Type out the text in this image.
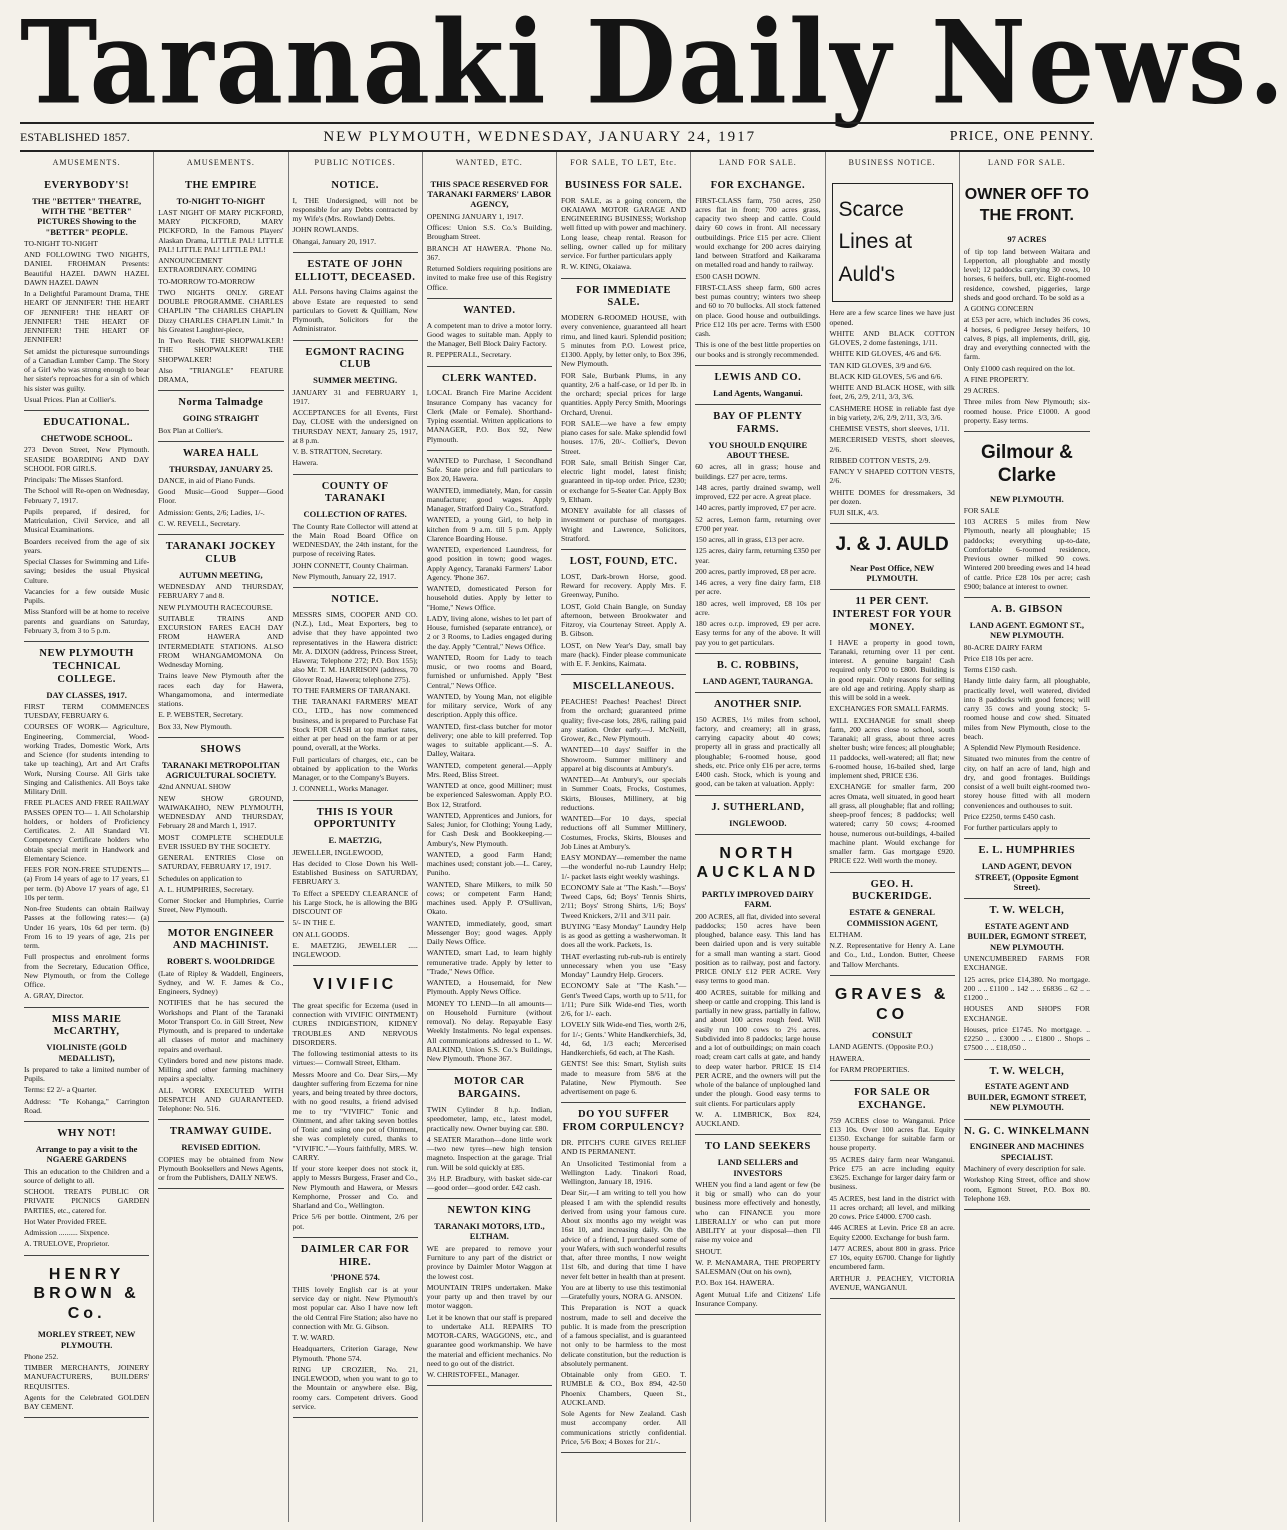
Taranaki Daily News.
ESTABLISHED 1857.	NEW PLYMOUTH, WEDNESDAY, JANUARY 24, 1917	PRICE, ONE PENNY.
AMUSEMENTS.
EVERYBODY'S!
THE "BETTER" THEATRE, WITH THE "BETTER" PICTURES Showing to the "BETTER" PEOPLE.

TO-NIGHT TO-NIGHT

AND FOLLOWING TWO NIGHTS, DANIEL FROHMAN Presents: Beautiful HAZEL DAWN HAZEL DAWN HAZEL DAWN

In a Delightful Paramount Drama, THE HEART OF JENNIFER! THE HEART OF JENNIFER! THE HEART OF JENNIFER! THE HEART OF JENNIFER! THE HEART OF JENNIFER!

Set amidst the picturesque surroundings of a Canadian Lumber Camp. The Story of a Girl who was strong enough to bear her sister's reproaches for a sin of which his sister was guilty.

Usual Prices. Plan at Collier's.

EDUCATIONAL.
CHETWODE SCHOOL.

273 Devon Street, New Plymouth. SEASIDE BOARDING AND DAY SCHOOL FOR GIRLS.

Principals: The Misses Stanford.

The School will Re-open on Wednesday, February 7, 1917.

Pupils prepared, if desired, for Matriculation, Civil Service, and all Musical Examinations.

Boarders received from the age of six years.

Special Classes for Swimming and Life-saving; besides the usual Physical Culture.

Vacancies for a few outside Music Pupils.

Miss Stanford will be at home to receive parents and guardians on Saturday, February 3, from 3 to 5 p.m.

NEW PLYMOUTH TECHNICAL COLLEGE.
DAY CLASSES, 1917.

FIRST TERM COMMENCES TUESDAY, FEBRUARY 6.

COURSES OF WORK— Agriculture, Engineering, Commercial, Wood-working Trades, Domestic Work, Arts and Science (for students intending to take up teaching), Art and Art Crafts Work, Nursing Course. All Girls take Singing and Calisthenics. All Boys take Military Drill.

FREE PLACES AND FREE RAILWAY PASSES OPEN TO— 1. All Scholarship holders, or holders of Proficiency Certificates. 2. All Standard VI. Competency Certificate holders who obtain special merit in Handwork and Elementary Science.

FEES FOR NON-FREE STUDENTS— (a) From 14 years of age to 17 years, £1 per term. (b) Above 17 years of age, £1 10s per term.

Non-free Students can obtain Railway Passes at the following rates:— (a) Under 16 years, 10s 6d per term. (b) From 16 to 19 years of age, 21s per term.

Full prospectus and enrolment forms from the Secretary, Education Office, New Plymouth, or from the College Office.

A. GRAY, Director.

MISS MARIE McCARTHY,
VIOLINISTE (GOLD MEDALLIST),

Is prepared to take a limited number of Pupils.

Terms: £2 2/- a Quarter.

Address: "Te Kohanga," Carrington Road.

WHY NOT!
Arrange to pay a visit to the NGAERE GARDENS

This an education to the Children and a source of delight to all.

SCHOOL TREATS PUBLIC OR PRIVATE PICNICS GARDEN PARTIES, etc., catered for.

Hot Water Provided FREE.

Admission .......... Sixpence.

A. TRUELOVE, Proprietor.

HENRY BROWN & Co.
MORLEY STREET, NEW PLYMOUTH.

Phone 252.

TIMBER MERCHANTS, JOINERY MANUFACTURERS, BUILDERS' REQUISITES.

Agents for the Celebrated GOLDEN BAY CEMENT.

AMUSEMENTS.
THE EMPIRE
TO-NIGHT TO-NIGHT

LAST NIGHT OF MARY PICKFORD, MARY PICKFORD, MARY PICKFORD, In the Famous Players' Alaskan Drama, LITTLE PAL! LITTLE PAL! LITTLE PAL! LITTLE PAL!

ANNOUNCEMENT EXTRAORDINARY. COMING

TO-MORROW TO-MORROW

TWO NIGHTS ONLY. GREAT DOUBLE PROGRAMME. CHARLES CHAPLIN "The CHARLES CHAPLIN Dizzy CHARLES CHAPLIN Limit." In his Greatest Laughter-piece,

In Two Reels. THE SHOPWALKER! THE SHOPWALKER! THE SHOPWALKER!

Also "TRIANGLE" FEATURE DRAMA,

Norma Talmadge
GOING STRAIGHT

Box Plan at Collier's.

WAREA HALL
THURSDAY, JANUARY 25.

DANCE, in aid of Piano Funds.

Good Music—Good Supper—Good Floor.

Admission: Gents, 2/6; Ladies, 1/-.

C. W. REVELL, Secretary.

TARANAKI JOCKEY CLUB
AUTUMN MEETING,

WEDNESDAY AND THURSDAY, FEBRUARY 7 and 8.

NEW PLYMOUTH RACECOURSE.

SUITABLE TRAINS AND EXCURSION FARES EACH DAY FROM HAWERA AND INTERMEDIATE STATIONS. ALSO FROM WHANGAMOMONA On Wednesday Morning.

Trains leave New Plymouth after the races each day for Hawera, Whangamomona, and intermediate stations.

E. P. WEBSTER, Secretary.

Box 33, New Plymouth.

SHOWS
TARANAKI METROPOLITAN AGRICULTURAL SOCIETY.

42nd ANNUAL SHOW

NEW SHOW GROUND, WAIWAKAIHO, NEW PLYMOUTH, WEDNESDAY AND THURSDAY, February 28 and March 1, 1917.

MOST COMPLETE SCHEDULE EVER ISSUED BY THE SOCIETY.

GENERAL ENTRIES Close on SATURDAY, FEBRUARY 17, 1917.

Schedules on application to

A. L. HUMPHRIES, Secretary.

Corner Stocker and Humphries, Currie Street, New Plymouth.

MOTOR ENGINEER AND MACHINIST.
ROBERT S. WOOLDRIDGE

(Late of Ripley & Waddell, Engineers, Sydney, and W. F. James & Co., Engineers, Sydney)

NOTIFIES that he has secured the Workshops and Plant of the Taranaki Motor Transport Co. in Gill Street, New Plymouth, and is prepared to undertake all classes of motor and machinery repairs and overhaul.

Cylinders bored and new pistons made. Milling and other farming machinery repairs a specialty.

ALL WORK EXECUTED WITH DESPATCH AND GUARANTEED. Telephone: No. 516.

TRAMWAY GUIDE.
REVISED EDITION.

COPIES may be obtained from New Plymouth Booksellers and News Agents, or from the Publishers, DAILY NEWS.

PUBLIC NOTICES.
NOTICE.

I, THE Undersigned, will not be responsible for any Debts contracted by my Wife's (Mrs. Rowland) Debts.

JOHN ROWLANDS.

Ohangai, January 20, 1917.

ESTATE OF JOHN ELLIOTT, DECEASED.

ALL Persons having Claims against the above Estate are requested to send particulars to Govett & Quilliam, New Plymouth, Solicitors for the Administrator.

EGMONT RACING CLUB
SUMMER MEETING.

JANUARY 31 and FEBRUARY 1, 1917.

ACCEPTANCES for all Events, First Day, CLOSE with the undersigned on THURSDAY NEXT, January 25, 1917, at 8 p.m.

V. B. STRATTON, Secretary.

Hawera.

COUNTY OF TARANAKI
COLLECTION OF RATES.

The County Rate Collector will attend at the Main Road Board Office on WEDNESDAY, the 24th instant, for the purpose of receiving Rates.

JOHN CONNETT, County Chairman.

New Plymouth, January 22, 1917.

NOTICE.

MESSRS SIMS, COOPER AND CO. (N.Z.), Ltd., Meat Exporters, beg to advise that they have appointed two representatives in the Hawera district: Mr. A. DIXON (address, Princess Street, Hawera; Telephone 272; P.O. Box 155); also Mr. T. M. HARRISON (address, 70 Glover Road, Hawera; telephone 275).

TO THE FARMERS OF TARANAKI.

THE TARANAKI FARMERS' MEAT CO., LTD., has now commenced business, and is prepared to Purchase Fat Stock FOR CASH at top market rates, either at per head on the farm or at per pound, overall, at the Works.

Full particulars of charges, etc., can be obtained by application to the Works Manager, or to the Company's Buyers.

J. CONNELL, Works Manager.

THIS IS YOUR OPPORTUNITY
E. MAETZIG,

JEWELLER, INGLEWOOD,

Has decided to Close Down his Well-Established Business on SATURDAY, FEBRUARY 3.

To Effect a SPEEDY CLEARANCE of his Large Stock, he is allowing the BIG DISCOUNT OF

5/- IN THE £.

ON ALL GOODS.

E. MAETZIG, JEWELLER ..... INGLEWOOD.

VIVIFIC

The great specific for Eczema (used in connection with VIVIFIC OINTMENT) CURES INDIGESTION, KIDNEY TROUBLES AND NERVOUS DISORDERS.

The following testimonial attests to its virtues:— Cornwall Street, Eltham.

Messrs Moore and Co. Dear Sirs,—My daughter suffering from Eczema for nine years, and being treated by three doctors, with no good results, a friend advised me to try "VIVIFIC" Tonic and Ointment, and after taking seven bottles of Tonic and using one pot of Ointment, she was completely cured, thanks to "VIVIFIC."—Yours faithfully, MRS. W. CARRY.

If your store keeper does not stock it, apply to Messrs Burgess, Fraser and Co., New Plymouth and Hawera, or Messrs Kemphorne, Prosser and Co. and Sharland and Co., Wellington.

Price 5/6 per bottle. Ointment, 2/6 per pot.

DAIMLER CAR FOR HIRE.
'PHONE 574.

THIS lovely English car is at your service day or night. New Plymouth's most popular car. Also I have now left the old Central Fire Station; also have no connection with Mr. G. Gibson.

T. W. WARD.

Headquarters, Criterion Garage, New Plymouth. 'Phone 574.

RING UP CROZIER, No. 21, INGLEWOOD, when you want to go to the Mountain or anywhere else. Big, roomy cars. Competent drivers. Good service.

WANTED, ETC.
THIS SPACE RESERVED FOR TARANAKI FARMERS' LABOR AGENCY,

OPENING JANUARY 1, 1917.

Offices: Union S.S. Co.'s Building, Brougham Street.

BRANCH AT HAWERA. 'Phone No. 367.

Returned Soldiers requiring positions are invited to make free use of this Registry Office.

WANTED.

A competent man to drive a motor lorry. Good wages to suitable man. Apply to the Manager, Bell Block Dairy Factory.

R. PEPPERALL, Secretary.

CLERK WANTED.

LOCAL Branch Fire Marine Accident Insurance Company has vacancy for Clerk (Male or Female). Shorthand-Typing essential. Written applications to MANAGER, P.O. Box 92, New Plymouth.

WANTED to Purchase, 1 Secondhand Safe. State price and full particulars to Box 20, Hawera.

WANTED, immediately, Man, for cassin manufacture; good wages. Apply Manager, Stratford Dairy Co., Stratford.

WANTED, a young Girl, to help in kitchen from 9 a.m. till 5 p.m. Apply Clarence Boarding House.

WANTED, experienced Laundress, for good position in town; good wages. Apply Agency, Taranaki Farmers' Labor Agency. 'Phone 367.

WANTED, domesticated Person for household duties. Apply by letter to "Home," News Office.

LADY, living alone, wishes to let part of House, furnished (separate entrance), or 2 or 3 Rooms, to Ladies engaged during the day. Apply "Central," News Office.

WANTED, Room for Lady to teach music, or two rooms and Board, furnished or unfurnished. Apply "Best Central," News Office.

WANTED, by Young Man, not eligible for military service, Work of any description. Apply this office.

WANTED, first-class butcher for motor delivery; one able to kill preferred. Top wages to suitable applicant.—S. A. Dalley, Waitara.

WANTED, competent general.—Apply Mrs. Reed, Bliss Street.

WANTED at once, good Milliner; must be experienced Saleswoman. Apply P.O. Box 12, Stratford.

WANTED, Apprentices and Juniors, for Sales; Junior, for Clothing; Young Lady, for Cash Desk and Bookkeeping.—Ambury's, New Plymouth.

WANTED, a good Farm Hand; machines used; constant job.—L. Carey, Puniho.

WANTED, Share Milkers, to milk 50 cows; or competent Farm Hand; machines used. Apply P. O'Sullivan, Okato.

WANTED, immediately, good, smart Messenger Boy; good wages. Apply Daily News Office.

WANTED, smart Lad, to learn highly remunerative trade. Apply by letter to "Trade," News Office.

WANTED, a Housemaid, for New Plymouth. Apply News Office.

MONEY TO LEND—In all amounts—on Household Furniture (without removal). No delay. Repayable Easy Weekly Instalments. No legal expenses. All communications addressed to L. W. BALKIND, Union S.S. Co.'s Buildings, New Plymouth. 'Phone 367.

MOTOR CAR BARGAINS.

TWIN Cylinder 8 h.p. Indian, speedometer, lamp, etc., latest model, practically new. Owner buying car. £80.

4 SEATER Marathon—done little work—two new tyres—new high tension magneto. Inspection at the garage. Trial run. Will be sold quickly at £85.

3½ H.P. Bradbury, with basket side-car—good order—good order. £42 cash.

NEWTON KING
TARANAKI MOTORS, LTD., ELTHAM.

WE are prepared to remove your Furniture to any part of the district or province by Daimler Motor Waggon at the lowest cost.

MOUNTAIN TRIPS undertaken. Make your party up and then travel by our motor waggon.

Let it be known that our staff is prepared to undertake ALL REPAIRS TO MOTOR-CARS, WAGGONS, etc., and guarantee good workmanship. We have the material and efficient mechanics. No need to go out of the district.

W. CHRISTOFFEL, Manager.

FOR SALE, TO LET, Etc.
BUSINESS FOR SALE.

FOR SALE, as a going concern, the OKAIAWA MOTOR GARAGE AND ENGINEERING BUSINESS; Workshop well fitted up with power and machinery. Long lease, cheap rental. Reason for selling, owner called up for military service. For further particulars apply

R. W. KING, Okaiawa.

FOR IMMEDIATE SALE.

MODERN 6-ROOMED HOUSE, with every convenience, guaranteed all heart rimu, and lined kauri. Splendid position; 5 minutes from P.O. Lowest price, £1300. Apply, by letter only, to Box 396, New Plymouth.

FOR Sale, Burbank Plums, in any quantity, 2/6 a half-case, or 1d per lb. in the orchard; special prices for large quantities. Apply Percy Smith, Moorings Orchard, Urenui.

FOR SALE—we have a few empty piano cases for sale. Make splendid fowl houses. 17/6, 20/-. Collier's, Devon Street.

FOR Sale, small British Singer Car, electric light model, latest finish; guaranteed in tip-top order. Price, £230; or exchange for 5-Seater Car. Apply Box 9, Eltham.

MONEY available for all classes of investment or purchase of mortgages. Wright and Lawrence, Solicitors, Stratford.

LOST, FOUND, ETC.

LOST, Dark-brown Horse, good. Reward for recovery. Apply Mrs. F. Greenway, Puniho.

LOST, Gold Chain Bangle, on Sunday afternoon, between Brookwater and Fitzroy, via Courtenay Street. Apply A. B. Gibson.

LOST, on New Year's Day, small bay mare (hack). Finder please communicate with E. F. Jenkins, Kaimata.

MISCELLANEOUS.

PEACHES! Peaches! Peaches! Direct from the orchard; guaranteed prime quality; five-case lots, 28/6, railing paid any station. Order early.—J. McNeill, Grower, &c., New Plymouth.

WANTED—10 days' Sniffer in the Showroom. Summer millinery and apparel at big discounts at Ambury's.

WANTED—At Ambury's, our specials in Summer Coats, Frocks, Costumes, Skirts, Blouses, Millinery, at big reductions.

WANTED—For 10 days, special reductions off all Summer Millinery, Costumes, Frocks, Skirts, Blouses and Job Lines at Ambury's.

EASY MONDAY—remember the name—the wonderful no-rub Laundry Help; 1/- packet lasts eight weekly washings.

ECONOMY Sale at "The Kash."—Boys' Tweed Caps, 6d; Boys' Tennis Shirts, 2/11; Boys' Strong Shirts, 1/6; Boys' Tweed Knickers, 2/11 and 3/11 pair.

BUYING "Easy Monday" Laundry Help is as good as getting a washerwoman. It does all the work. Packets, 1s.

THAT everlasting rub-rub-rub is entirely unnecessary when you use "Easy Monday" Laundry Help. Grocers.

ECONOMY Sale at "The Kash."—Gent's Tweed Caps, worth up to 5/11, for 1/11; Pure Silk Wide-end Ties, worth 2/6, for 1/- each.

LOVELY Silk Wide-end Ties, worth 2/6, for 1/-; Gents.' White Handkerchiefs, 3d, 4d, 6d, 1/3 each; Mercerised Handkerchiefs, 6d each, at The Kash.

GENTS! See this: Smart, Stylish suits made to measure from 58/6 at the Palatine, New Plymouth. See advertisement on page 6.

DO YOU SUFFER FROM CORPULENCY?

DR. PITCH'S CURE GIVES RELIEF AND IS PERMANENT.

An Unsolicited Testimonial from a Wellington Lady. Tinakori Road, Wellington, January 18, 1916.

Dear Sir,—I am writing to tell you how pleased I am with the splendid results derived from using your famous cure. About six months ago my weight was 16st 10, and increasing daily. On the advice of a friend, I purchased some of your Wafers, with such wonderful results that, after three months, I now weight 11st 6lb, and during that time I have never felt better in health than at present.

You are at liberty to use this testimonial—Gratefully yours, NORA G. ANSON.

This Preparation is NOT a quack nostrum, made to sell and deceive the public. It is made from the prescription of a famous specialist, and is guaranteed not only to be harmless to the most delicate constitution, but the reduction is absolutely permanent.

Obtainable only from GEO. T. RUMBLE & CO., Box 894, 42-50 Phoenix Chambers, Queen St., AUCKLAND.

Sole Agents for New Zealand. Cash must accompany order. All communications strictly confidential. Price, 5/6 Box; 4 Boxes for 21/-.

LAND FOR SALE.
FOR EXCHANGE.

FIRST-CLASS farm, 750 acres, 250 acres flat in front; 700 acres grass, capacity two sheep and cattle. Could dairy 60 cows in front. All necessary outbuildings. Price £15 per acre. Client would exchange for 200 acres dairying land between Stratford and Kaikarama on metalled road and handy to railway.

£500 CASH DOWN.

FIRST-CLASS sheep farm, 600 acres best pumas country; winters two sheep and 60 to 70 bullocks. All stock fattened on place. Good house and outbuildings. Price £12 10s per acre. Terms with £500 cash.

This is one of the best little properties on our books and is strongly recommended.

LEWIS AND CO.
Land Agents, Wanganui.
BAY OF PLENTY FARMS.
YOU SHOULD ENQUIRE ABOUT THESE.

60 acres, all in grass; house and buildings. £27 per acre, terms.

148 acres, partly drained swamp, well improved, £22 per acre. A great place.

140 acres, partly improved, £7 per acre.

52 acres, Lemon farm, returning over £700 per year.

150 acres, all in grass, £13 per acre.

125 acres, dairy farm, returning £350 per year.

200 acres, partly improved, £8 per acre.

146 acres, a very fine dairy farm, £18 per acre.

180 acres, well improved, £8 10s per acre.

180 acres o.r.p. improved, £9 per acre. Easy terms for any of the above. It will pay you to get particulars.

B. C. ROBBINS,
LAND AGENT, TAURANGA.
ANOTHER SNIP.

150 ACRES, 1½ miles from school, factory, and creamery; all in grass, carrying capacity about 40 cows; property all in grass and practically all ploughable; 6-roomed house, good sheds, etc. Price only £16 per acre, terms £400 cash. Stock, which is young and good, can be taken at valuation. Apply:

J. SUTHERLAND,
INGLEWOOD.
NORTH AUCKLAND
PARTLY IMPROVED DAIRY FARM.

200 ACRES, all flat, divided into several paddocks; 150 acres have been ploughed, balance easy. This land has been dairied upon and is very suitable for a small man wanting a start. Good position as to railway, post and factory. PRICE ONLY £12 PER ACRE. Very easy terms to good man.

400 ACRES, suitable for milking and sheep or cattle and cropping. This land is partially in new grass, partially in fallow, and about 100 acres rough feed. Will easily run 100 cows to 2½ acres. Subdivided into 8 paddocks; large house and a lot of outbuildings; on main coach road; cream cart calls at gate, and handy to deep water harbor. PRICE IS £14 PER ACRE, and the owners will put the whole of the balance of unploughed land under the plough. Good easy terms to suit clients. For particulars apply

W. A. LIMBRICK, Box 824, AUCKLAND.

TO LAND SEEKERS
LAND SELLERS and INVESTORS

WHEN you find a land agent or few (be it big or small) who can do your business more effectively and honestly, who can FINANCE you more LIBERALLY or who can put more ABILITY at your disposal—then I'll raise my voice and

SHOUT.

W. P. McNAMARA, THE PROPERTY SALESMAN (Out on his own),

P.O. Box 164. HAWERA.

Agent Mutual Life and Citizens' Life Insurance Company.

BUSINESS NOTICE.
Scarce Lines at Auld's

Here are a few scarce lines we have just opened.

WHITE AND BLACK COTTON GLOVES, 2 dome fastenings, 1/11.

WHITE KID GLOVES, 4/6 and 6/6.

TAN KID GLOVES, 3/9 and 6/6.

BLACK KID GLOVES, 5/6 and 6/6.

WHITE AND BLACK HOSE, with silk feet, 2/6, 2/9, 2/11, 3/3, 3/6.

CASHMERE HOSE in reliable fast dye in big variety, 2/6, 2/9, 2/11, 3/3, 3/6.

CHEMISE VESTS, short sleeves, 1/11.

MERCERISED VESTS, short sleeves, 2/6.

RIBBED COTTON VESTS, 2/9.

FANCY V SHAPED COTTON VESTS, 2/6.

WHITE DOMES for dressmakers, 3d per dozen.

FUJI SILK, 4/3.

J. & J. AULD
Near Post Office, NEW PLYMOUTH.
11 PER CENT. INTEREST FOR YOUR MONEY.

I HAVE a property in good town, Taranaki, returning over 11 per cent. interest. A genuine bargain! Cash required only £700 to £800. Building is in good repair. Only reasons for selling are old age and retiring. Apply sharp as this will be sold in a week.

EXCHANGES FOR SMALL FARMS.

WILL EXCHANGE for small sheep farm, 200 acres close to school, south Taranaki; all grass, about three acres shelter bush; wire fences; all ploughable; 11 paddocks, well-watered; all flat; new 6-roomed house, 16-bailed shed, large implement shed, PRICE £36.

EXCHANGE for smaller farm, 200 acres Omata, well situated, in good heart all grass, all ploughable; flat and rolling; sheep-proof fences; 8 paddocks; well watered; carry 50 cows; 4-roomed house, numerous out-buildings, 4-bailed machine plant. Would exchange for smaller farm. Gas mortgage £920. PRICE £22. Well worth the money.

GEO. H. BUCKERIDGE.
ESTATE & GENERAL COMMISSION AGENT,

ELTHAM.

N.Z. Representative for Henry A. Lane and Co., Ltd., London. Butter, Cheese and Tallow Merchants.

GRAVES & CO
CONSULT

LAND AGENTS. (Opposite P.O.)

HAWERA.

for FARM PROPERTIES.

FOR SALE OR EXCHANGE.

759 ACRES close to Wanganui. Price £13 10s. Over 100 acres flat. Equity £1350. Exchange for suitable farm or house property.

95 ACRES dairy farm near Wanganui. Price £75 an acre including equity £3625. Exchange for larger dairy farm or business.

45 ACRES, best land in the district with 11 acres orchard; all level, and milking 20 cows. Price £4000. £700 cash.

446 ACRES at Levin. Price £8 an acre. Equity £2000. Exchange for bush farm.

1477 ACRES, about 800 in grass. Price £7 10s, equity £6700. Change for lightly encumbered farm.

ARTHUR J. PEACHEY, VICTORIA AVENUE, WANGANUI.

LAND FOR SALE.
OWNER OFF TO THE FRONT.
97 ACRES

of tip top land between Waitara and Lepperton, all ploughable and mostly level; 12 paddocks carrying 30 cows, 10 horses, 6 heifers, bull, etc. Eight-roomed residence, cowshed, piggeries, large sheds and good orchard. To be sold as a

A GOING CONCERN

at £53 per acre, which includes 36 cows, 4 horses, 6 pedigree Jersey heifers, 10 calves, 8 pigs, all implements, drill, gig, dray and everything connected with the farm.

Only £1000 cash required on the lot.

A FINE PROPERTY.

29 ACRES.

Three miles from New Plymouth; six-roomed house. Price £1000. A good property. Easy terms.

Gilmour & Clarke
NEW PLYMOUTH.

FOR SALE

103 ACRES 5 miles from New Plymouth, nearly all ploughable; 15 paddocks; everything up-to-date, Comfortable 6-roomed residence, Previous owner milked 90 cows. Wintered 200 breeding ewes and 14 head of cattle. Price £28 10s per acre; cash £900; balance at interest to owner.

A. B. GIBSON
LAND AGENT. EGMONT ST., NEW PLYMOUTH.

80-ACRE DAIRY FARM

Price £18 10s per acre.

Terms £150 cash.

Handy little dairy farm, all ploughable, practically level, well watered, divided into 8 paddocks with good fences; will carry 35 cows and young stock; 5-roomed house and cow shed. Situated miles from New Plymouth, close to the beach.

A Splendid New Plymouth Residence.

Situated two minutes from the centre of city, on half an acre of land, high and dry, and good frontages. Buildings consist of a well built eight-roomed two-storey house fitted with all modern conveniences and outhouses to suit.

Price £2250, terms £450 cash.

For further particulars apply to

E. L. HUMPHRIES
LAND AGENT, DEVON STREET, (Opposite Egmont Street).
T. W. WELCH,
ESTATE AGENT AND BUILDER, EGMONT STREET, NEW PLYMOUTH.

UNENCUMBERED FARMS FOR EXCHANGE.

125 acres, price £14,380. No mortgage. 200 .. .. £1100 .. 142 .. .. £6836 .. 62 .. .. £1200 ..

HOUSES AND SHOPS FOR EXCHANGE.

Houses, price £1745. No mortgage. .. £2250 .. .. £3000 .. .. £1800 .. Shops .. £7500 .. .. £18,050 ..

T. W. WELCH,
ESTATE AGENT AND BUILDER, EGMONT STREET, NEW PLYMOUTH.
N. G. C. WINKELMANN
ENGINEER AND MACHINES SPECIALIST.

Machinery of every description for sale.

Workshop King Street, office and show room, Egmont Street, P.O. Box 80. Telephone 169.
